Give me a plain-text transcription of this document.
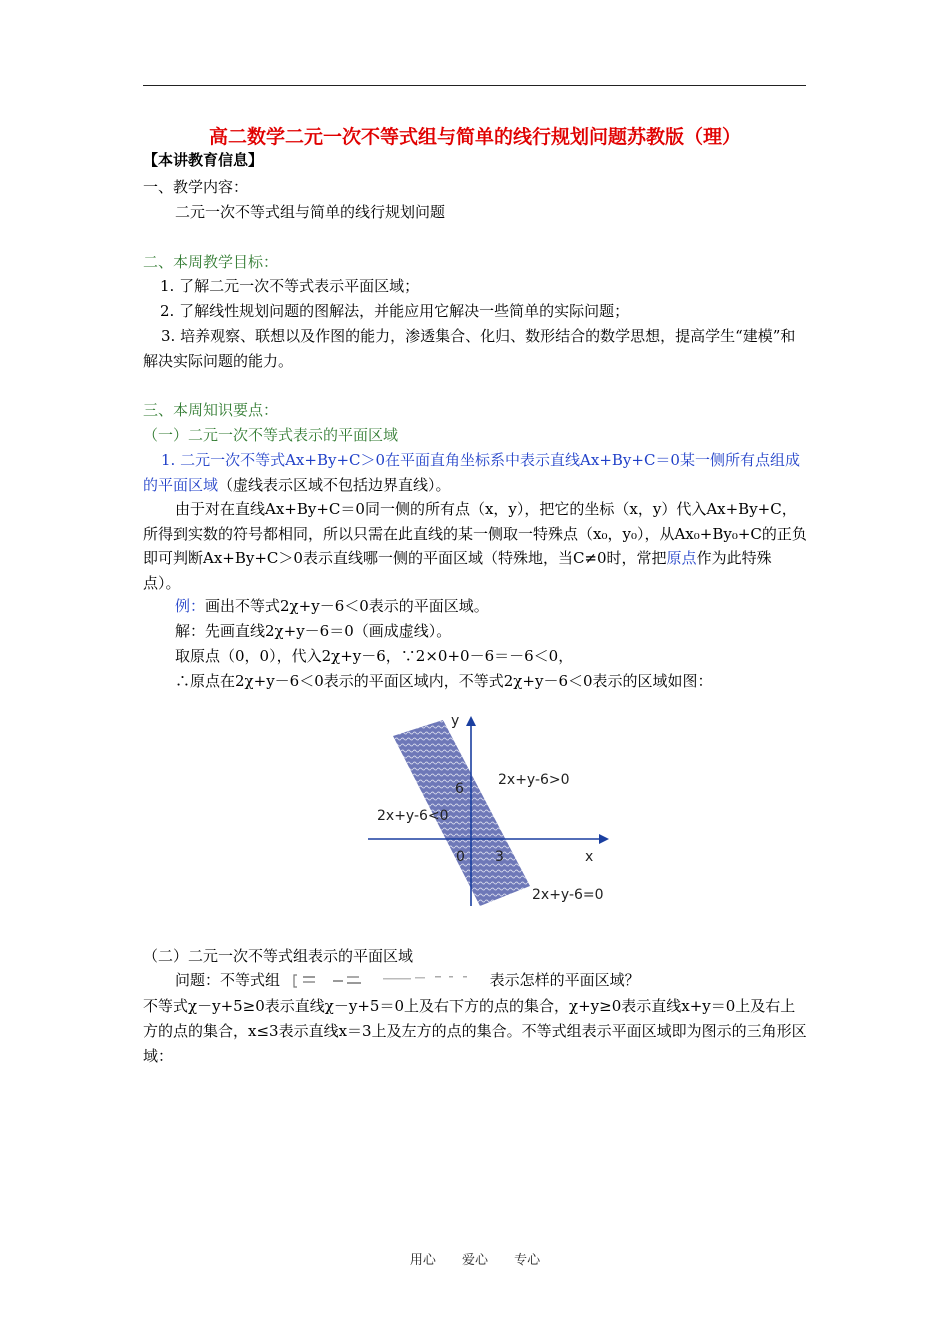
高二数学二元一次不等式组与简单的线行规划问题苏教版（理）
【本讲教育信息】
一、教学内容：
二元一次不等式组与简单的线行规划问题
二、本周教学目标：
1. 了解二元一次不等式表示平面区域；
2. 了解线性规划问题的图解法，并能应用它解决一些简单的实际问题；
3. 培养观察、联想以及作图的能力，渗透集合、化归、数形结合的数学思想，提高学生“建模”和解决实际问题的能力。
三、本周知识要点：
（一）二元一次不等式表示的平面区域
1. 二元一次不等式Ax+By+C＞0在平面直角坐标系中表示直线Ax+By+C＝0某一侧所有点组成的平面区域（虚线表示区域不包括边界直线）。
由于对在直线Ax+By+C＝0同一侧的所有点（x，y），把它的坐标（x，y）代入Ax+By+C，所得到实数的符号都相同，所以只需在此直线的某一侧取一特殊点（x₀，y₀），从Ax₀+By₀+C的正负即可判断Ax+By+C＞0表示直线哪一侧的平面区域（特殊地，当C≠0时，常把原点作为此特殊点）。
例：画出不等式2χ+y－6＜0表示的平面区域。
解：先画直线2χ+y－6＝0（画成虚线）。
取原点（0，0），代入2χ+y－6，∵2×0+0－6＝－6＜0，
∴原点在2χ+y－6＜0表示的平面区域内，不等式2χ+y－6＜0表示的区域如图：
y
x
6
0 3
2x+y-6>0
2x+y-6<0
2x+y-6=0
（二）二元一次不等式组表示的平面区域
问题：不等式组	表示怎样的平面区域？
不等式χ－y+5≥0表示直线χ－y+5＝0上及右下方的点的集合，χ+y≥0表示直线x+y＝0上及右上方的点的集合，x≤3表示直线x＝3上及左方的点的集合。不等式组表示平面区域即为图示的三角形区域：
用心 爱心 专心
